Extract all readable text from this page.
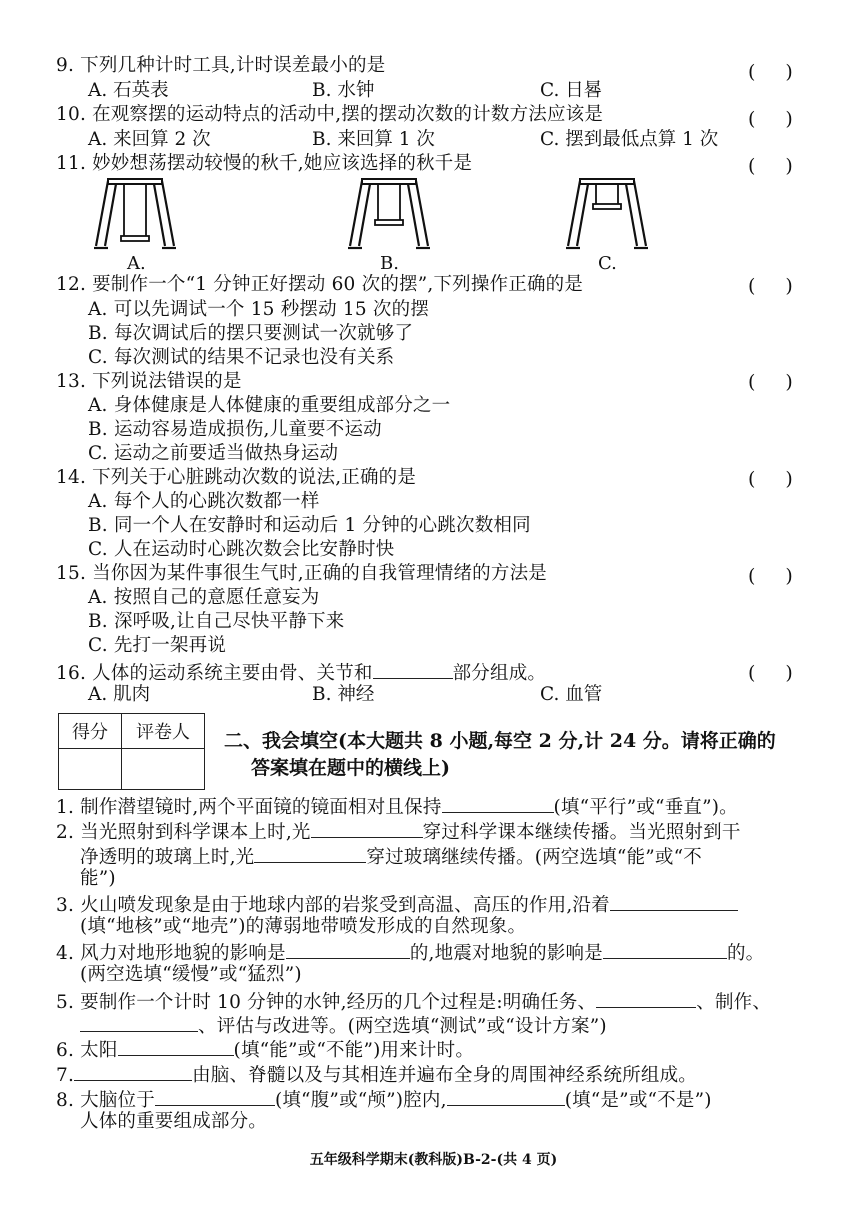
9. 下列几种计时工具,计时误差最小的是	( )
A. 石英表	B. 水钟	C. 日晷
10. 在观察摆的运动特点的活动中,摆的摆动次数的计数方法应该是	( )
A. 来回算 2 次	B. 来回算 1 次	C. 摆到最低点算 1 次
11. 妙妙想荡摆动较慢的秋千,她应该选择的秋千是	( )
A.	B.	C.
12. 要制作一个“1 分钟正好摆动 60 次的摆”,下列操作正确的是	( )
A. 可以先调试一个 15 秒摆动 15 次的摆
B. 每次调试后的摆只要测试一次就够了
C. 每次测试的结果不记录也没有关系
13. 下列说法错误的是	( )
A. 身体健康是人体健康的重要组成部分之一
B. 运动容易造成损伤,儿童要不运动
C. 运动之前要适当做热身运动
14. 下列关于心脏跳动次数的说法,正确的是	( )
A. 每个人的心跳次数都一样
B. 同一个人在安静时和运动后 1 分钟的心跳次数相同
C. 人在运动时心跳次数会比安静时快
15. 当你因为某件事很生气时,正确的自我管理情绪的方法是	( )
A. 按照自己的意愿任意妄为
B. 深呼吸,让自己尽快平静下来
C. 先打一架再说
16. 人体的运动系统主要由骨、关节和	部分组成。	( )
A. 肌肉	B. 神经	C. 血管
得分	评卷人
	二、我会填空(本大题共 8 小题,每空 2 分,计 24 分。请将正确的
答案填在题中的横线上)
1. 制作潜望镜时,两个平面镜的镜面相对且保持	(填“平行”或“垂直”)。
2. 当光照射到科学课本上时,光	穿过科学课本继续传播。当光照射到干
净透明的玻璃上时,光	穿过玻璃继续传播。(两空选填“能”或“不
能”)
3. 火山喷发现象是由于地球内部的岩浆受到高温、高压的作用,沿着
(填“地核”或“地壳”)的薄弱地带喷发形成的自然现象。
4. 风力对地形地貌的影响是	的,地震对地貌的影响是	的。
(两空选填“缓慢”或“猛烈”)
5. 要制作一个计时 10 分钟的水钟,经历的几个过程是:明确任务、	、制作、
、评估与改进等。(两空选填“测试”或“设计方案”)
6. 太阳	(填“能”或“不能”)用来计时。
7.	由脑、脊髓以及与其相连并遍布全身的周围神经系统所组成。
8. 大脑位于	(填“腹”或“颅”)腔内,	(填“是”或“不是”)
人体的重要组成部分。
五年级科学期末(教科版)B-2-(共 4 页)
